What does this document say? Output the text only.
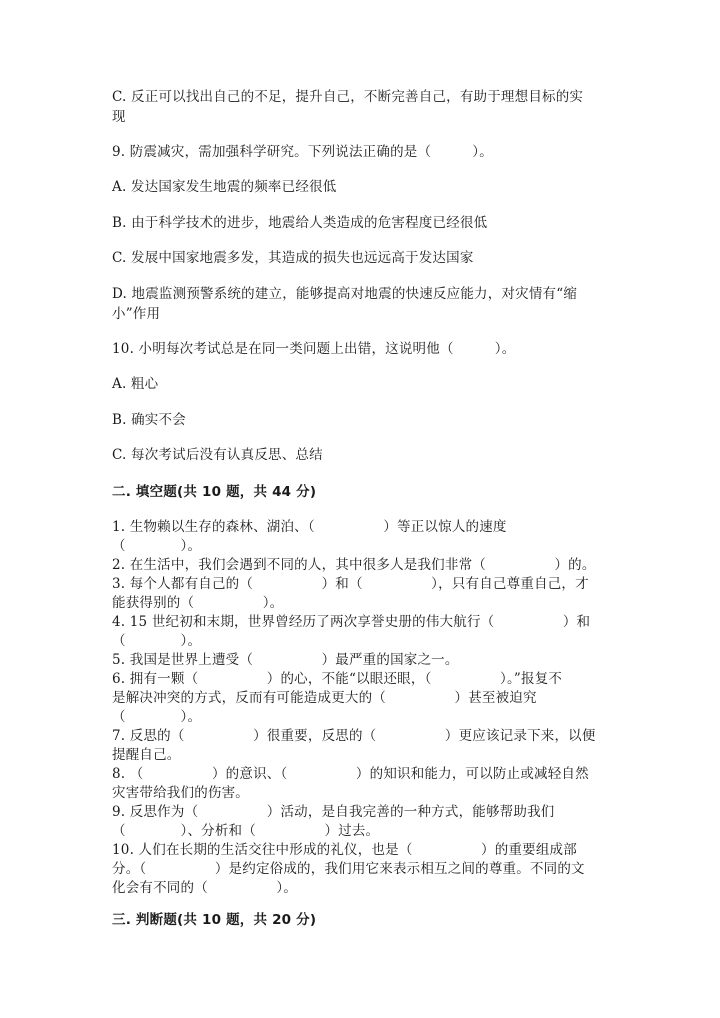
C. 反正可以找出自己的不足，提升自己，不断完善自己，有助于理想目标的实
现
9. 防震减灾，需加强科学研究。下列说法正确的是（　　　）。
A. 发达国家发生地震的频率已经很低
B. 由于科学技术的进步，地震给人类造成的危害程度已经很低
C. 发展中国家地震多发，其造成的损失也远远高于发达国家
D. 地震监测预警系统的建立，能够提高对地震的快速反应能力，对灾情有“缩
小”作用
10. 小明每次考试总是在同一类问题上出错，这说明他（　　　）。
A. 粗心
B. 确实不会
C. 每次考试后没有认真反思、总结
二. 填空题(共 10 题，共 44 分)
1. 生物赖以生存的森林、湖泊、（　　　　　）等正以惊人的速度
（　　　　）。
2. 在生活中，我们会遇到不同的人，其中很多人是我们非常（　　　　　）的。
3. 每个人都有自己的（　　　　　）和（　　　　　），只有自己尊重自己，才
能获得别的（　　　　　）。
4. 15 世纪初和末期，世界曾经历了两次享誉史册的伟大航行（　　　　　）和
（　　　　）。
5. 我国是世界上遭受（　　　　　）最严重的国家之一。
6. 拥有一颗（　　　　　）的心，不能“以眼还眼，（　　　　　）。”报复不
是解决冲突的方式，反而有可能造成更大的（　　　　　）甚至被迫究
（　　　　）。
7. 反思的（　　　　　）很重要，反思的（　　　　　）更应该记录下来，以便
提醒自己。
8. （　　　　　）的意识、（　　　　　）的知识和能力，可以防止或减轻自然
灾害带给我们的伤害。
9. 反思作为（　　　　　）活动，是自我完善的一种方式，能够帮助我们
（　　　　）、分析和（　　　　　）过去。
10. 人们在长期的生活交往中形成的礼仪，也是（　　　　　）的重要组成部
分。（　　　　　）是约定俗成的，我们用它来表示相互之间的尊重。不同的文
化会有不同的（　　　　　）。
三. 判断题(共 10 题，共 20 分)
